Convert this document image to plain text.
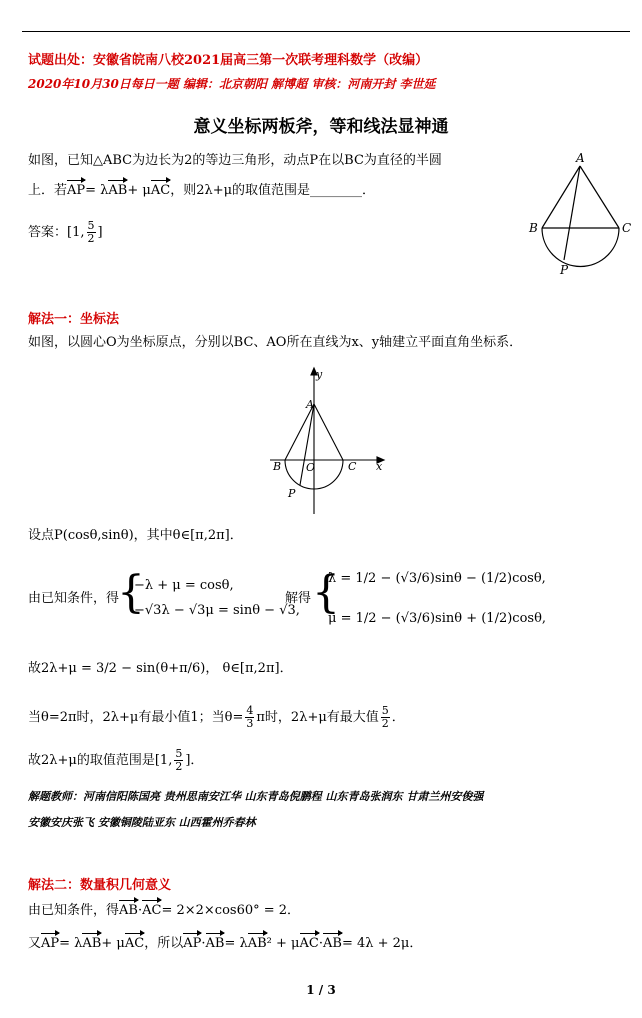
试题出处：安徽省皖南八校2021届高三第一次联考理科数学（改编）
2020年10月30日每日一题 编辑：北京朝阳 解博超 审核：河南开封 李世延
意义坐标两板斧，等和线法显神通
如图，已知△ABC为边长为2的等边三角形，动点P在以BC为直径的半圆
上．若AP= λAB+ μAC，则2λ+μ的取值范围是________．
答案：[1, $\frac{5}{2}$ ]
A
B	C
P
解法一：坐标法
如图，以圆心O为坐标原点，分别以BC、AO所在直线为x、y轴建立平面直角坐标系．
y
x
A
B O	C
P
设点P(cosθ,sinθ)，其中θ∈[π,2π]．
由已知条件，得
{
−λ + μ = cosθ,
−√3λ − √3μ = sinθ − √3,
解得 {
λ = 1/2 − (√3/6)sinθ − (1/2)cosθ,
μ = 1/2 − (√3/6)sinθ + (1/2)cosθ,
故2λ+μ = 3/2 − sin(θ+π/6)， θ∈[π,2π]．
当θ=2π时，2λ+μ有最小值1；当$\theta= \frac{4}{3}$ π时，2λ+μ有最大值 $\frac{5}{2}$ ．
故2λ+μ的取值范围是[1, $\frac{5}{2}$ ]．
解题教师：河南信阳陈国亮 贵州思南安江华 山东青岛倪鹏程 山东青岛张润东 甘肃兰州安俊强
安徽安庆张飞 安徽铜陵陆亚东 山西霍州乔春林
解法二：数量积几何意义
由已知条件，得AB·AC= 2×2×cos60° = 2．
又AP= λAB+ μAC，所以AP·AB= λAB² + μAC·AB= 4λ + 2μ．
1 / 3
